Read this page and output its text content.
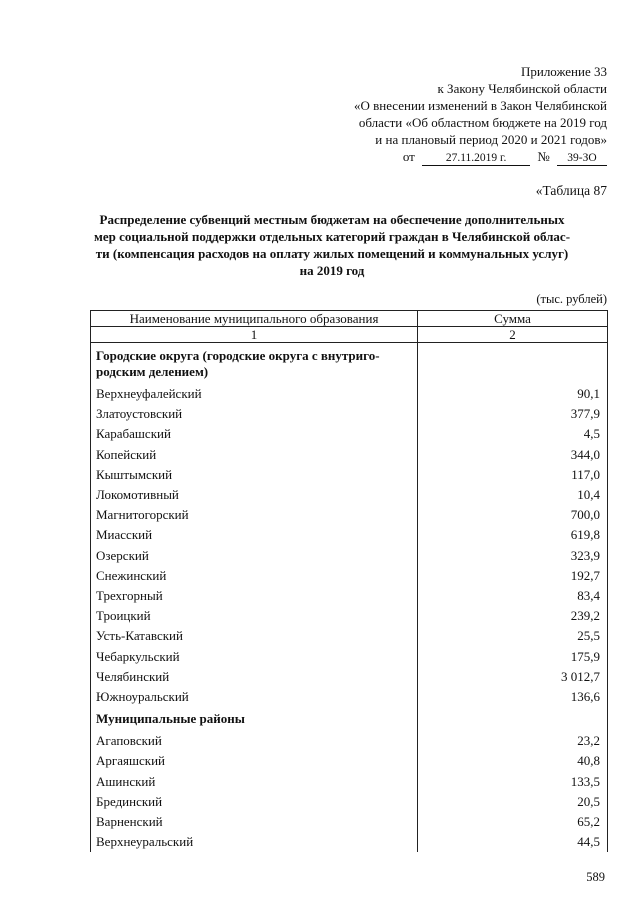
Приложение 33
к Закону Челябинской области
«О внесении изменений в Закон Челябинской
области «Об областном бюджете на 2019 год
и на плановый период 2020 и 2021 годов»
от	27.11.2019 г. № 39-ЗО
«Таблица 87
Распределение субвенций местным бюджетам на обеспечение дополнительных
мер социальной поддержки отдельных категорий граждан в Челябинской облас-
ти (компенсация расходов на оплату жилых помещений и коммунальных услуг)
на 2019 год
(тыс. рублей)
Наименование муниципального образования	Сумма
1	2

Городские округа (городские округа с внутриго-
родским делением)	

Верхнеуфалейский	90,1
Златоустовский	377,9
Карабашский	4,5
Копейский	344,0
Кыштымский	117,0
Локомотивный	10,4
Магнитогорский	700,0
Миасский	619,8
Озерский	323,9
Снежинский	192,7
Трехгорный	83,4
Троицкий	239,2
Усть-Катавский	25,5
Чебаркульский	175,9
Челябинский	3 012,7
Южноуральский	136,6

Муниципальные районы	

Агаповский	23,2
Аргаяшский	40,8
Ашинский	133,5
Брединский	20,5
Варненский	65,2
Верхнеуральский	44,5
589
